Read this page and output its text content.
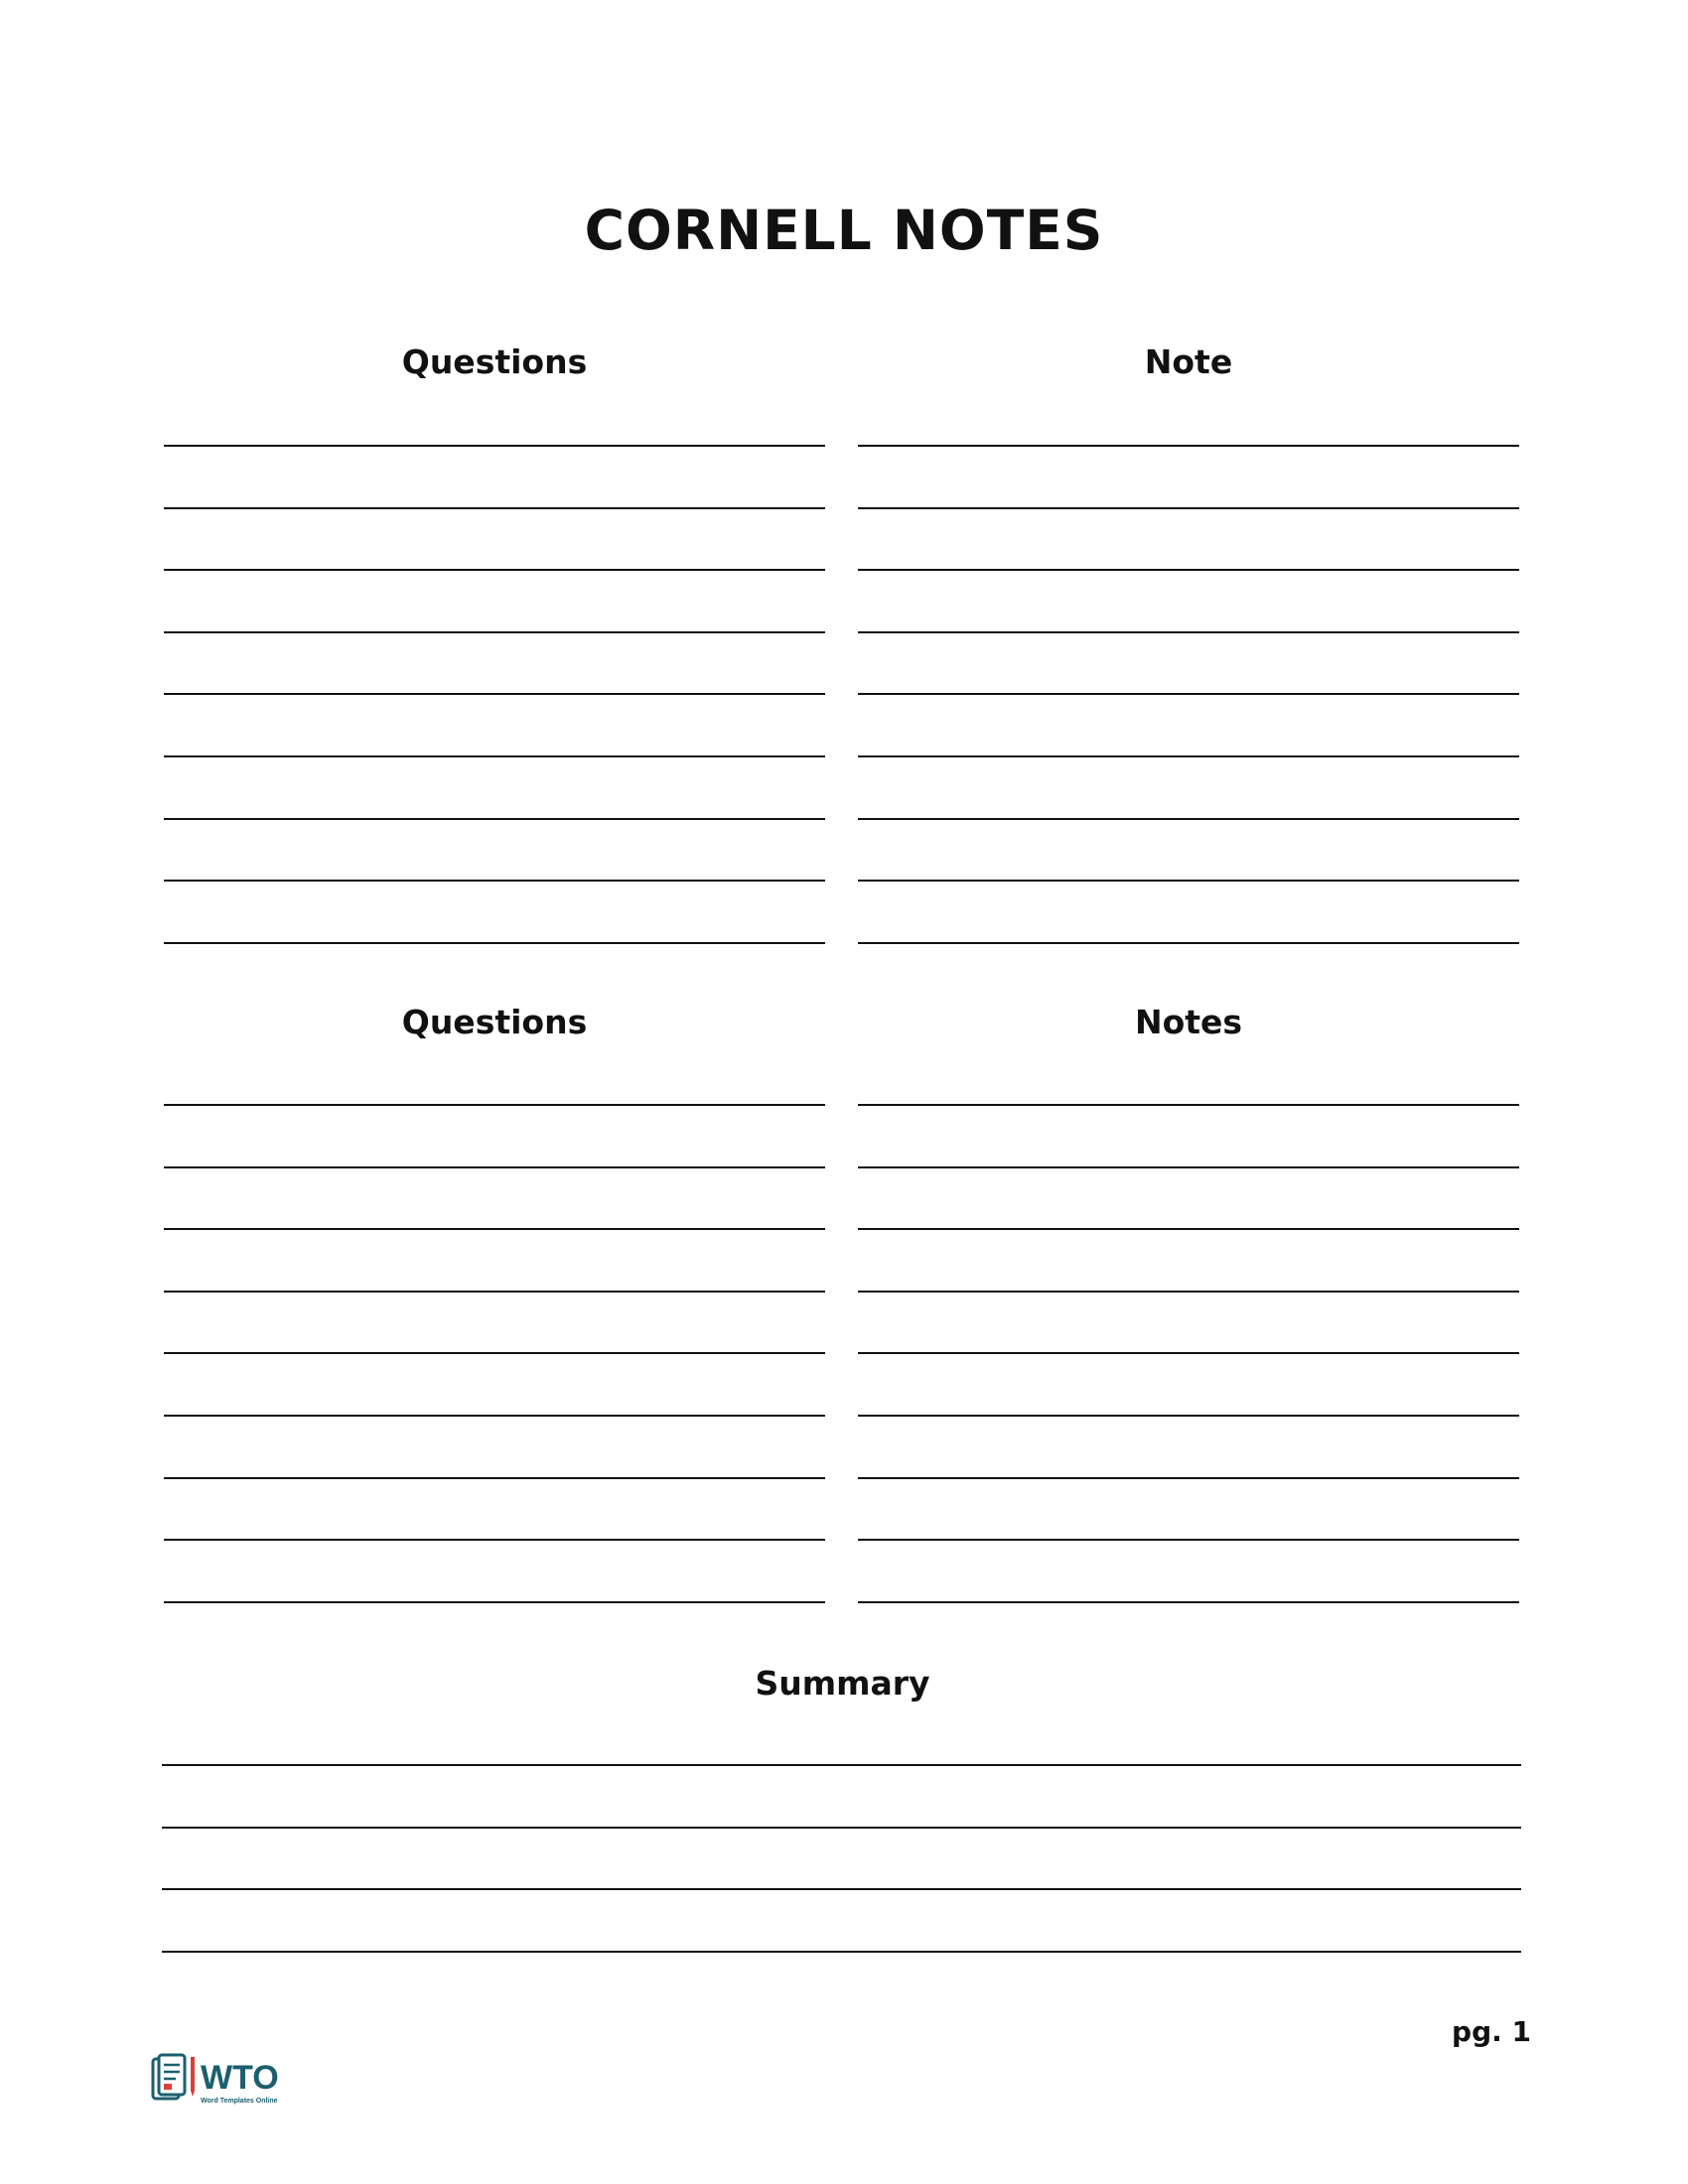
CORNELL NOTES
Questions	Note
Questions	Notes
Summary
pg. 1
WTO
Word Templates Online
